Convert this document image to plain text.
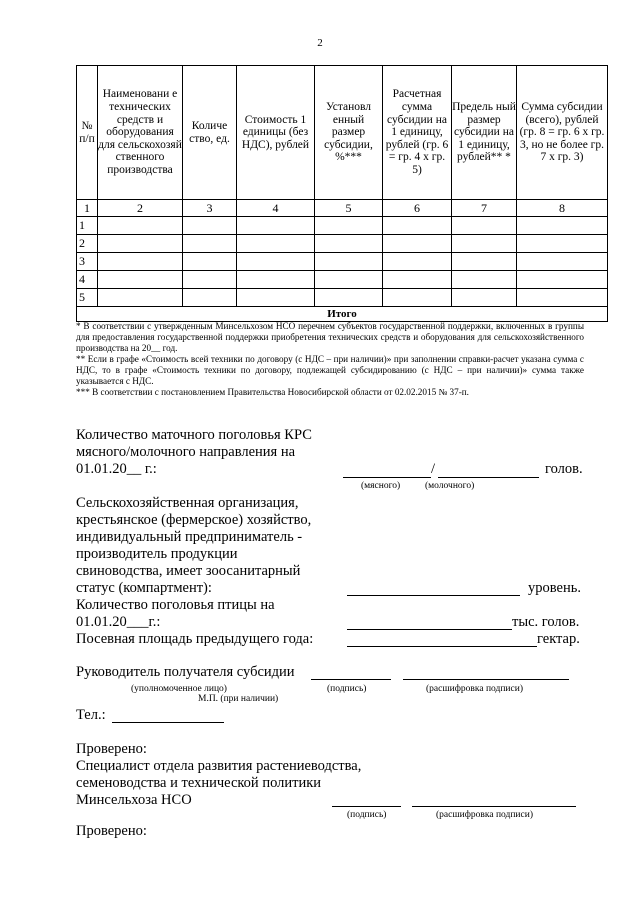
2
№ п/п	Наименовани е технических средств и оборудования для сельскохозяй ственного производства	Количе ство, ед.	Стоимость 1 единицы (без НДС), рублей	Установл енный размер субсидии, %***	Расчетная сумма субсидии на 1 единицу, рублей (гр. 6 = гр. 4 x гр. 5)	Предель ный размер субсидии на 1 единицу, рублей** *	Сумма субсидии (всего), рублей (гр. 8 = гр. 6 х гр. 3, но не более гр. 7 х гр. 3)
1	2	3	4	5	6	7	8
1							
2							
3							
4							
5							
Итого							
* В соответствии с утвержденным Минсельхозом НСО перечнем субъектов государственной поддержки, включенных в группы для предоставления государственной поддержки приобретения технических средств и оборудования для сельскохозяйственного производства на 20__ год.
** Если в графе «Стоимость всей техники по договору (с НДС – при наличии)» при заполнении справки-расчет указана сумма с НДС, то в графе «Стоимость техники по договору, подлежащей субсидированию (с НДС – при наличии)» сумма также указывается с НДС.
*** В соответствии с постановлением Правительства Новосибирской области от 02.02.2015 № 37-п.
Количество маточного поголовья КРС
мясного/молочного направления на
01.01.20__ г.:	/	голов.
(мясного)	(молочного)
Сельскохозяйственная организация,
крестьянское (фермерское) хозяйство,
индивидуальный предприниматель -
производитель продукции
свиноводства, имеет зоосанитарный
статус (компартмент):	уровень.
Количество поголовья птицы на
01.01.20___г.:	тыс. голов.
Посевная площадь предыдущего года:	гектар.
Руководитель получателя субсидии
(уполномоченное лицо)
М.П. (при наличии)
(подпись)	(расшифровка подписи)
Тел.:
Проверено:
Специалист отдела развития растениеводства,
семеноводства и технической политики
Минсельхоза НСО
(подпись)	(расшифровка подписи)
Проверено:
